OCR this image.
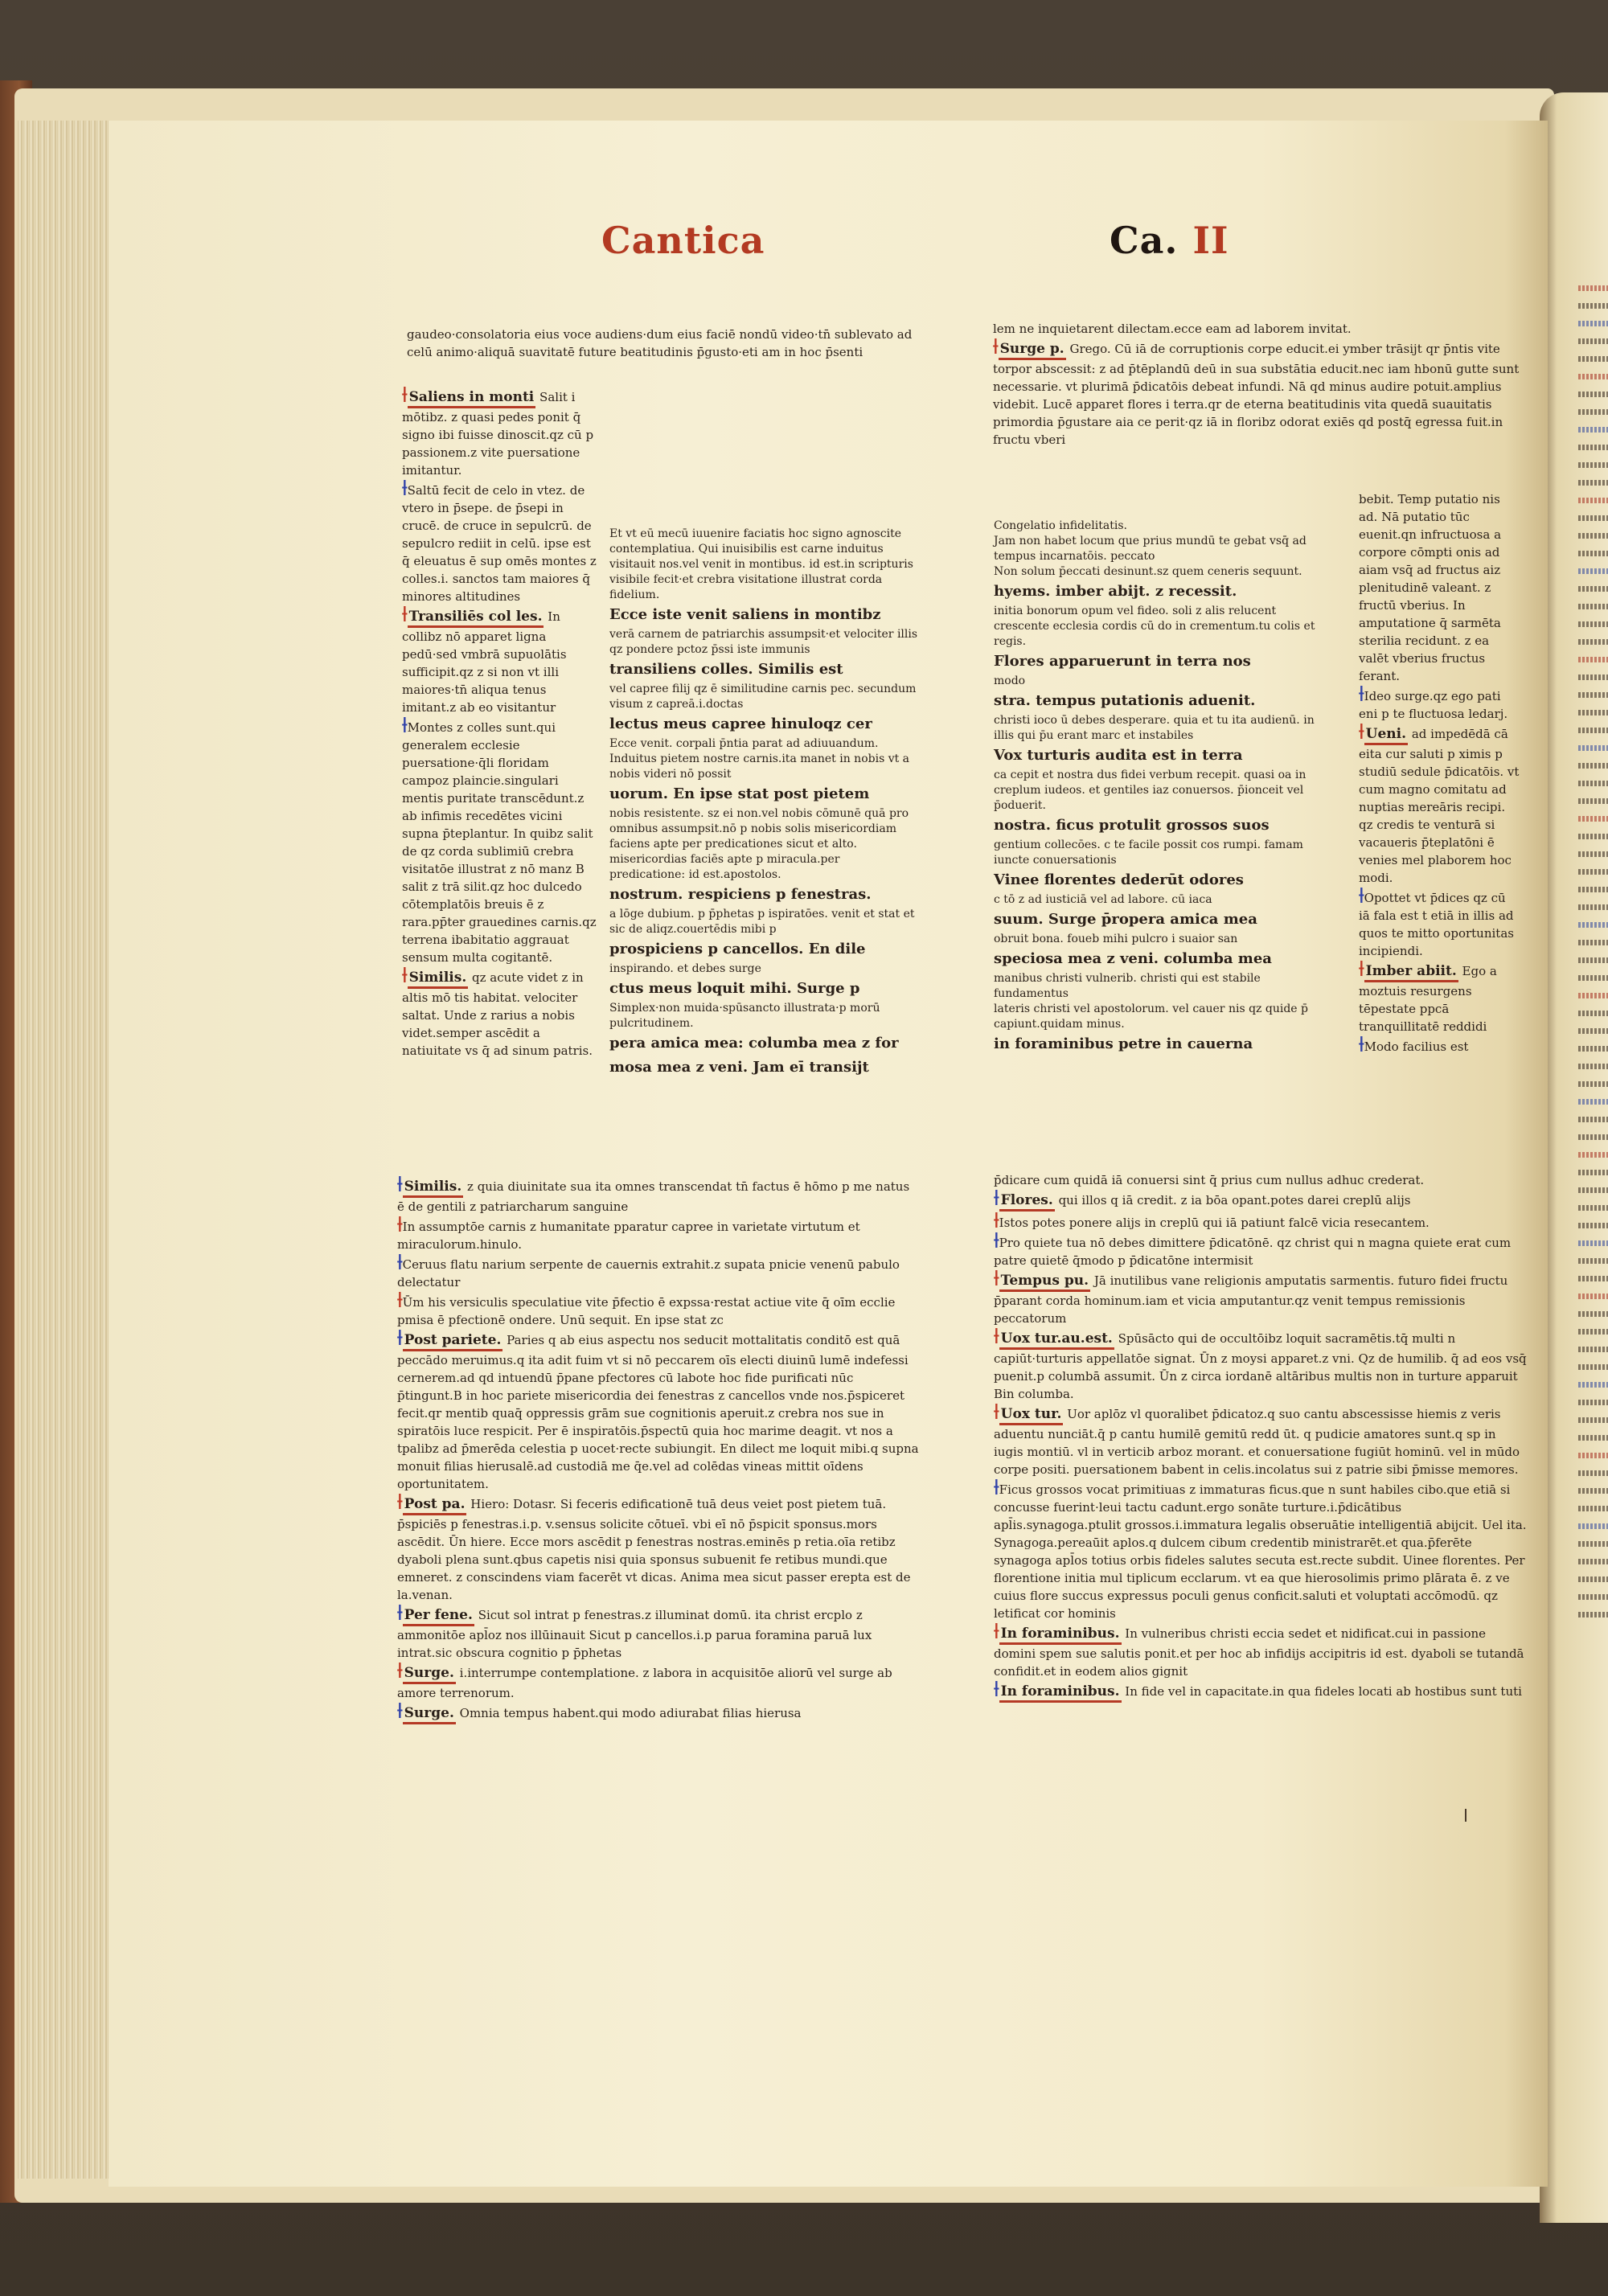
Cantica	Ca. II

gaudeo·consolatoria eius voce audiens·dum eius faciē nondū video·tn̄ sublevato ad celū animo·aliquā suavitatē future beatitudinis p̄gusto·eti am in hoc p̄senti

lem ne inquietarent dilectam.ecce eam ad laborem invitat.

⟊ Surge p. Grego. Cū iā de corruptionis corpe educit.ei ymber trāsijt qr p̄ntis vite torpor abscessit: z ad p̄tēplandū deū in sua substātia educit.nec iam hbonū gutte sunt necessarie. vt plurimā p̄dicatōis debeat infundi. Nā qd minus audire potuit.amplius videbit. Lucē apparet flores i terra.qr de eterna beatitudinis vita quedā suauitatis primordia p̄gustare aia ce perit·qz iā in floribz odorat exiēs qd postq̄ egressa fuit.in fructu vberi

⟊ Saliens in monti Salit i mōtibz. z quasi pedes ponit q̄ signo ibi fuisse dinoscit.qz cū p passionem.z vite puersatione imitantur.

⟊Saltū fecit de celo in vtez. de vtero in p̄sepe. de p̄sepi in crucē. de cruce in sepulcrū. de sepulcro rediit in celū. ipse est q̄ eleuatus ē sup omēs montes z colles.i. sanctos tam maiores q̄ minores altitudines

⟊ Transiliēs col les. In collibz nō apparet ligna pedū·sed vmbrā supuolātis sufficipit.qz z si non vt illi maiores·tn̄ aliqua tenus imitant.z ab eo visitantur

⟊Montes z colles sunt.qui generalem ecclesie puersatione·q̄li floridam campoz plaincie.singulari mentis puritate transcēdunt.z ab infimis recedētes vicini supna p̄teplantur. In quibz salit de qz corda sublimiū crebra visitatōe illustrat z nō manz B salit z trā silit.qz hoc dulcedo cōtemplatōis breuis ē z rara.pp̄ter grauedines carnis.qz terrena ibabitatio aggrauat sensum multa cogitantē.

⟊ Similis. qz acute videt z in altis mō tis habitat. velociter saltat. Unde z rarius a nobis videt.semper ascēdit a natiuitate vs q̄ ad sinum patris.

Et vt eū mecū iuuenire faciatis hoc signo agnoscite contemplatiua. Qui inuisibilis est carne induitus visitauit nos.vel venit in montibus. id est.in scripturis visibile fecit·et crebra visitatione illustrat corda fidelium.

Ecce iste venit saliens in montibz

verā carnem de patriarchis assumpsit·et velociter illis qz pondere pctoz p̄ssi iste immunis

transiliens colles. Similis est

vel capree filij qz ē similitudine carnis pec. secundum visum z capreā.i.doctas

lectus meus capree hinuloqz cer

Ecce venit. corpali p̄ntia parat ad adiuuandum. Induitus pietem nostre carnis.ita manet in nobis vt a nobis videri nō possit

uorum. En ipse stat post pietem

nobis resistente. sz ei non.vel nobis cōmunē quā pro omnibus assumpsit.nō p nobis solis misericordiam faciens apte per predicationes sicut et alto. misericordias faciēs apte p miracula.per predicatione: id est.apostolos.

nostrum. respiciens p fenestras.

a lōge dubium. p p̄phetas p ispiratōes. venit et stat et sic de aliqz.couertēdis mibi p

prospiciens p cancellos. En dile

inspirando. et debes surge

ctus meus loquit mihi. Surge p

Simplex·non muida·spūsancto illustrata·p morū pulcritudinem.

pera amica mea: columba mea z for

mosa mea z veni. Jam eī transijt

Congelatio infidelitatis.

Jam non habet locum que prius mundū te gebat vsq̄ ad tempus incarnatōis. peccato

Non solum p̄eccati desinunt.sz quem ceneris sequunt.

hyems. imber abijt. z recessit.

initia bonorum opum vel fideo. soli z alis relucent crescente ecclesia cordis cū do in crementum.tu colis et regis.

Flores apparuerunt in terra nos

modo

stra. tempus putationis aduenit.

christi ioco ū debes desperare. quia et tu ita audienū. in illis qui p̄u erant marc et instabiles

Vox turturis audita est in terra

ca cepit et nostra dus fidei verbum recepit. quasi oa in creplum iudeos. et gentiles iaz conuersos. p̄ionceit vel p̄oduerit.

nostra. ficus protulit grossos suos

gentium collecōes. c te facile possit cos rumpi. famam iuncte conuersationis

Vinee florentes dederūt odores

c tō z ad iusticiā vel ad labore. cū iaca

suum. Surge p̄ropera amica mea

obruit bona. foueb mihi pulcro i suaior san

speciosa mea z veni. columba mea

manibus christi vulnerib. christi qui est stabile fundamentus

lateris christi vel apostolorum. vel cauer nis qz quide p̄ capiunt.quidam minus.

in foraminibus petre in cauerna

bebit. Temp putatio nis ad. Nā putatio tūc euenit.qn infructuosa a corpore cōmpti onis ad aiam vsq̄ ad fructus aiz plenitudinē valeant. z fructū vberius. In amputatione q̄ sarmēta sterilia recidunt. z ea valēt vberius fructus ferant.

⟊Ideo surge.qz ego pati eni p te fluctuosa ledarj.

⟊ Ueni. ad impedēdā cā eita cur saluti p ximis p studiū sedule p̄dicatōis. vt cum magno comitatu ad nuptias mereāris recipi. qz credis te venturā si vacaueris p̄teplatōni ē venies mel plaborem hoc modi.

⟊Opottet vt p̄dices qz cū iā fala est t etiā in illis ad quos te mitto oportunitas incipiendi.

⟊ Imber abiit. Ego a moztuis resurgens tēpestate ppcā tranquillitatē reddidi

⟊Modo facilius est

⟊ Similis. z quia diuinitate sua ita omnes transcendat tn̄ factus ē hōmo p me natus ē de gentili z patriarcharum sanguine

⟊In assumptōe carnis z humanitate pparatur capree in varietate virtutum et miraculorum.hinulo.

⟊Ceruus flatu narium serpente de cauernis extrahit.z supata pnicie venenū pabulo delectatur

⟊Ūm his versiculis speculatiue vite p̄fectio ē expssa·restat actiue vite q̄ oīm ecclie pmisa ē pfectionē ondere. Unū sequit. En ipse stat zc

⟊ Post pariete. Paries q ab eius aspectu nos seducit mottalitatis conditō est quā peccādo meruimus.q ita adit fuim vt si nō peccarem oīs electi diuinū lumē indefessi cernerem.ad qd intuendū p̄pane pfectores cū labote hoc fide purificati nūc p̄tingunt.B in hoc pariete misericordia dei fenestras z cancellos vnde nos.p̄spiceret fecit.qr mentib quaq̄ oppressis grām sue cognitionis aperuit.z crebra nos sue in spiratōis luce respicit. Per ē inspiratōis.p̄spectū quia hoc marime deagit. vt nos a tpalibz ad p̄merēda celestia p uocet·recte subiungit. En dilect me loquit mibi.q supna monuit filias hierusalē.ad custodiā me q̄e.vel ad colēdas vineas mittit oīdens oportunitatem.

⟊ Post pa. Hiero: Dotasr. Si feceris edificationē tuā deus veiet post pietem tuā. p̄spiciēs p fenestras.i.p. v.sensus solicite cōtueī. vbi eī nō p̄spicit sponsus.mors ascēdit. Ūn hiere. Ecce mors ascēdit p fenestras nostras.eminēs p retia.oīa retibz dyaboli plena sunt.qbus capetis nisi quia sponsus subuenit fe retibus mundi.que emneret. z conscindens viam facerēt vt dicas. Anima mea sicut passer erepta est de la.venan.

⟊ Per fene. Sicut sol intrat p fenestras.z illuminat domū. ita christ ercplo z ammonitōe apl̄oz nos illūinauit Sicut p cancellos.i.p parua foramina paruā lux intrat.sic obscura cognitio p p̄phetas

⟊ Surge. i.interrumpe contemplatione. z labora in acquisitōe aliorū vel surge ab amore terrenorum.

⟊ Surge. Omnia tempus habent.qui modo adiurabat filias hierusa

p̄dicare cum quidā iā conuersi sint q̄ prius cum nullus adhuc crederat.

⟊ Flores. qui illos q iā credit. z ia bōa opant.potes darei creplū alijs

⟊Istos potes ponere alijs in creplū qui iā patiunt falcē vicia resecantem.

⟊Pro quiete tua nō debes dimittere p̄dicatōnē. qz christ qui n magna quiete erat cum patre quietē q̄modo p p̄dicatōne intermisit

⟊ Tempus pu. Jā inutilibus vane religionis amputatis sarmentis. futuro fidei fructu p̄parant corda hominum.iam et vicia amputantur.qz venit tempus remissionis peccatorum

⟊ Uox tur.au.est. Spūsācto qui de occultōibz loquit sacramētis.tq̄ multi n capiūt·turturis appellatōe signat. Ūn z moysi apparet.z vni. Qz de humilib. q̄ ad eos vsq̄ puenit.p columbā assumit. Ūn z circa iordanē altāribus multis non in turture apparuit Bin columba.

⟊ Uox tur. Uor aplōz vl quoralibet p̄dicatoz.q suo cantu abscessisse hiemis z veris aduentu nunciāt.q̄ p cantu humilē gemitū redd ūt. q pudicie amatores sunt.q sp in iugis montiū. vl in verticib arboz morant. et conuersatione fugiūt hominū. vel in mūdo corpe positi. puersationem babent in celis.incolatus sui z patrie sibi p̄misse memores.

⟊Ficus grossos vocat primitiuas z immaturas ficus.que n sunt habiles cibo.que etiā si concusse fuerint·leui tactu cadunt.ergo sonāte turture.i.p̄dicātibus apl̄is.synagoga.ptulit grossos.i.immatura legalis obseruātie intelligentiā abijcit. Uel ita. Synagoga.pereaūit aplos.q dulcem cibum credentib ministrarēt.et qua.p̄ferēte synagoga apl̄os totius orbis fideles salutes secuta est.recte subdit. Uinee florentes. Per florentione initia mul tiplicum ecclarum. vt ea que hierosolimis primo plārata ē. z ve cuius flore succus expressus poculi genus conficit.saluti et voluptati accōmodū. qz letificat cor hominis

⟊ In foraminibus. In vulneribus christi eccia sedet et nidificat.cui in passione domini spem sue salutis ponit.et per hoc ab infidijs accipitris id est. dyaboli se tutandā confidit.et in eodem alios gignit

⟊ In foraminibus. In fide vel in capacitate.in qua fideles locati ab hostibus sunt tuti
